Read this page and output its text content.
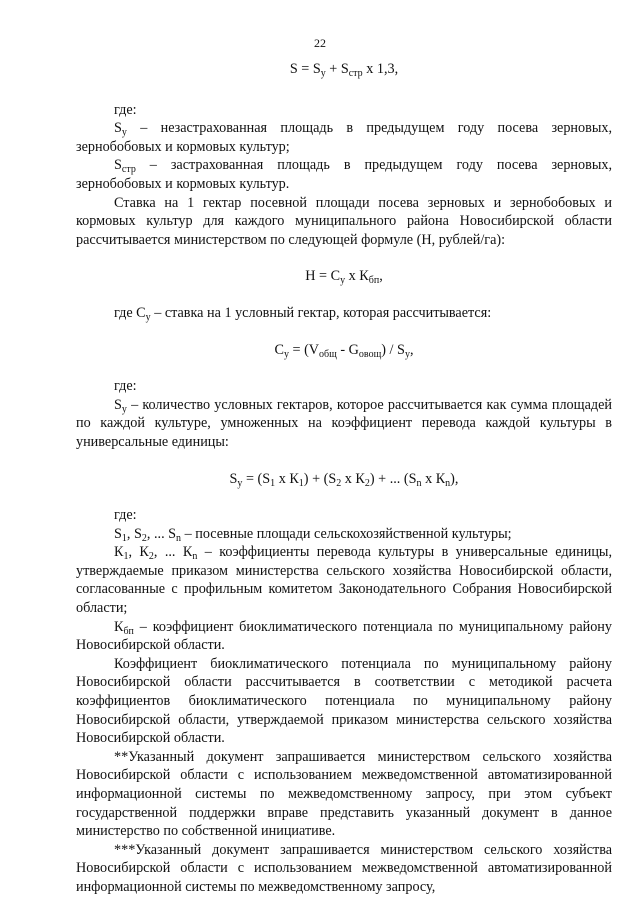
22

$S = S_у + S_{стр}$ х 1,3,

где:

$S_у$ – незастрахованная площадь в предыдущем году посева зерновых, зернобобовых и кормовых культур;

$S_{стр}$ – застрахованная площадь в предыдущем году посева зерновых, зернобобовых и кормовых культур.

Ставка на 1 гектар посевной площади посева зерновых и зернобобовых и кормовых культур для каждого муниципального района Новосибирской области рассчитывается министерством по следующей формуле (Н, рублей/га):

$Н = С_у$ х $К_{бп}$,

где $С_у$ – ставка на 1 условный гектар, которая рассчитывается:

$С_у = (V_{общ} - G_{овощ}) / S_у$,

где:

$S_у$ – количество условных гектаров, которое рассчитывается как сумма площадей по каждой культуре, умноженных на коэффициент перевода каждой культуры в универсальные единицы:

$S_у = (S_1$ х $К_1) + (S_2$ х $К_2$) + ... ($S_n$ х $К_n$),

где:

$S_1$, $S_2$, ... $S_n$ – посевные площади сельскохозяйственной культуры;

$К_1$, $К_2$, ... $К_n$ – коэффициенты перевода культуры в универсальные единицы, утверждаемые приказом министерства сельского хозяйства Новосибирской области, согласованные с профильным комитетом Законодательного Собрания Новосибирской области;

$К_{бп}$ – коэффициент биоклиматического потенциала по муниципальному району Новосибирской области.

Коэффициент биоклиматического потенциала по муниципальному району Новосибирской области рассчитывается в соответствии с методикой расчета коэффициентов биоклиматического потенциала по муниципальному району Новосибирской области, утверждаемой приказом министерства сельского хозяйства Новосибирской области.

**Указанный документ запрашивается министерством сельского хозяйства Новосибирской области с использованием межведомственной автоматизированной информационной системы по межведомственному запросу, при этом субъект государственной поддержки вправе представить указанный документ в данное министерство по собственной инициативе.

***Указанный документ запрашивается министерством сельского хозяйства Новосибирской области с использованием межведомственной автоматизированной информационной системы по межведомственному запросу,
